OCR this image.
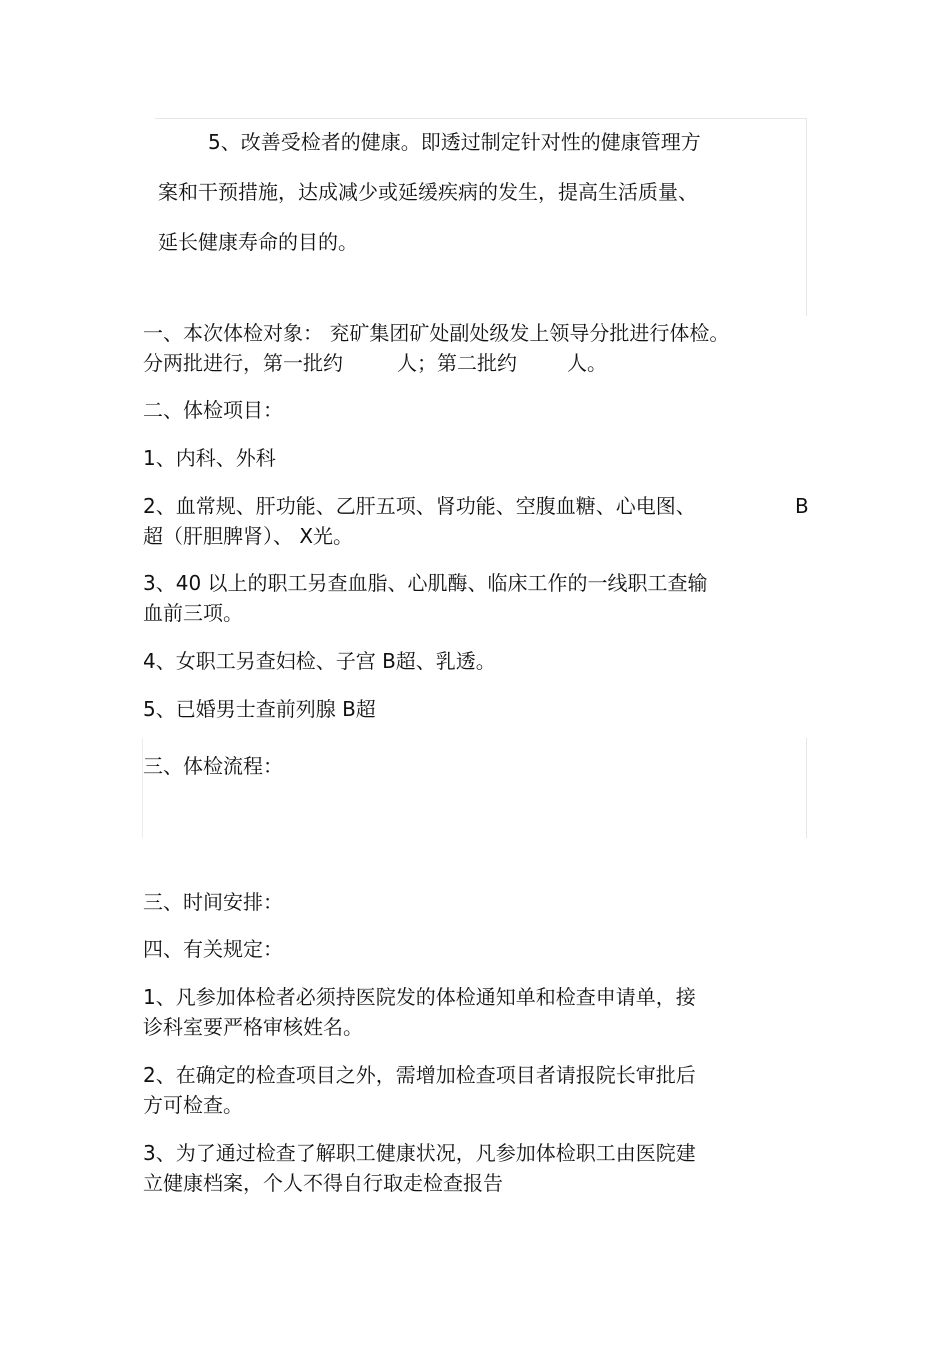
5、改善受检者的健康。即透过制定针对性的健康管理方

案和干预措施，达成减少或延缓疾病的发生，提高生活质量、

延长健康寿命的目的。

一、本次体检对象： 兖矿集团矿处副处级发上领导分批进行体检。

分两批进行，第一批约	人；第二批约	人。

二、体检项目：

1、内科、外科

2、血常规、肝功能、乙肝五项、肾功能、空腹血糖、心电图、	B

超（肝胆脾肾）、 X光。

3、40 以上的职工另查血脂、心肌酶、临床工作的一线职工查输

血前三项。

4、女职工另查妇检、子宫 B超、乳透。

5、已婚男士查前列腺 B超

三、体检流程：

三、时间安排：

四、有关规定：

1、凡参加体检者必须持医院发的体检通知单和检查申请单，接

诊科室要严格审核姓名。

2、在确定的检查项目之外，需增加检查项目者请报院长审批后

方可检查。

3、为了通过检查了解职工健康状况，凡参加体检职工由医院建

立健康档案，个人不得自行取走检查报告
